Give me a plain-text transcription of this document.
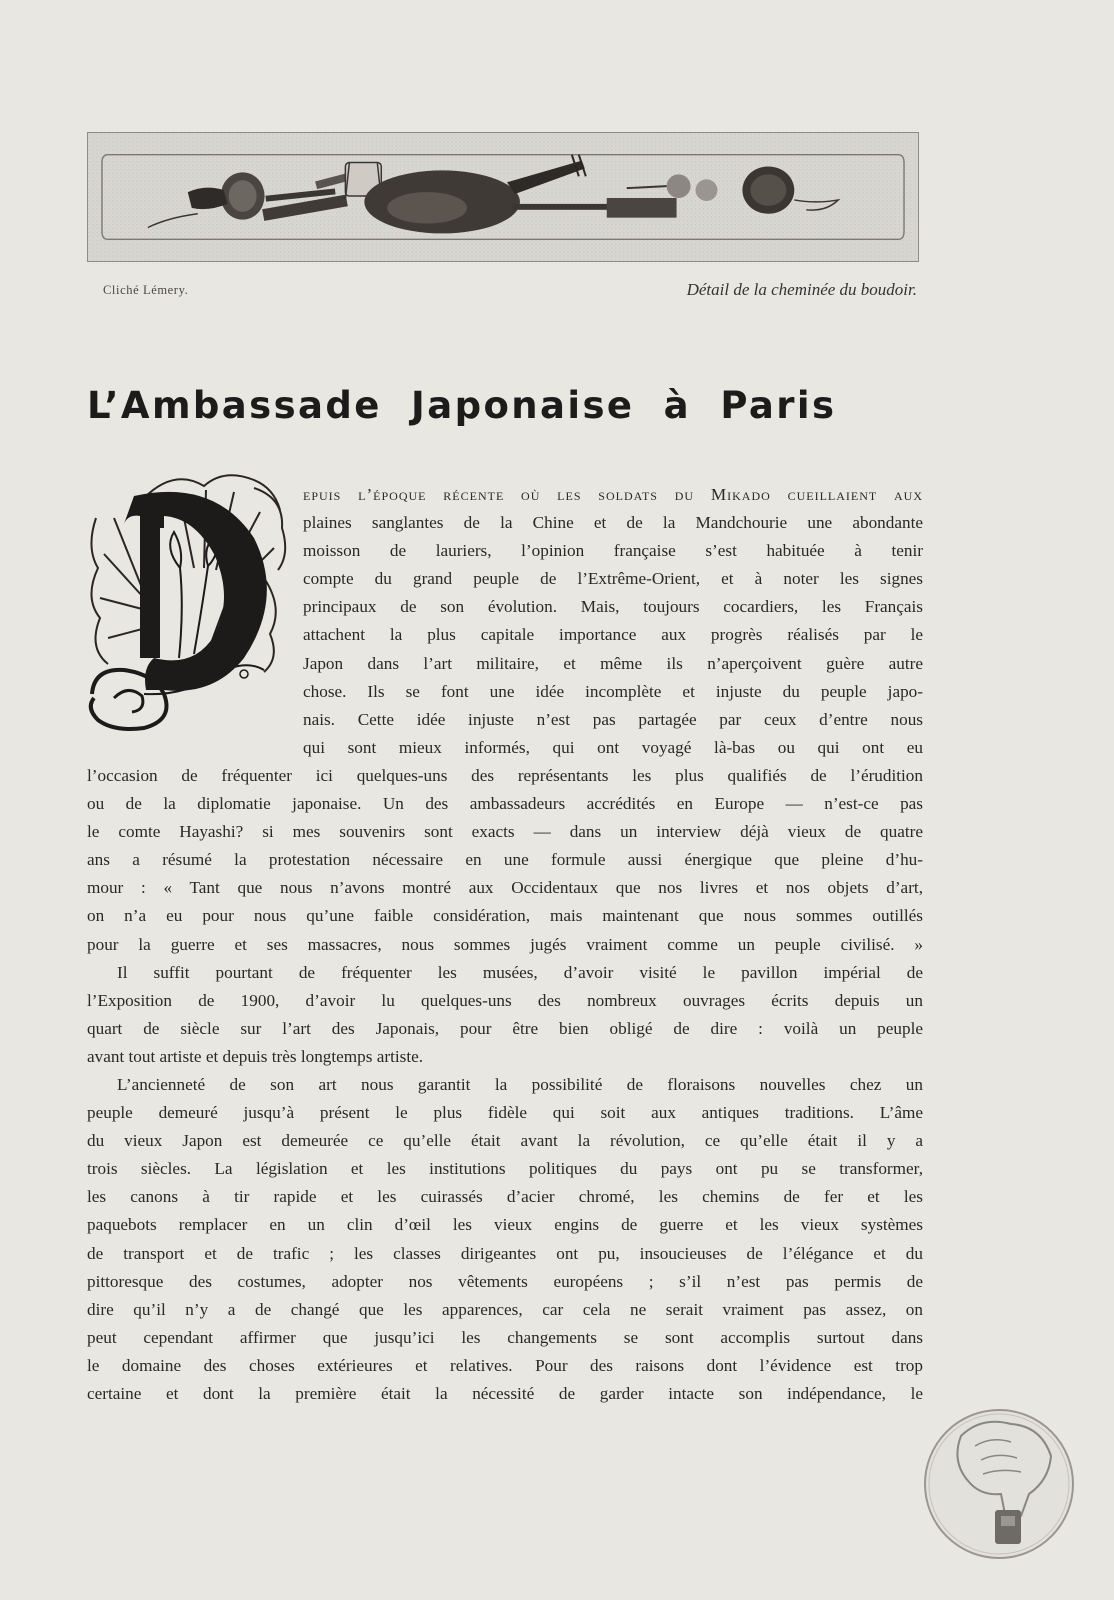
Cliché Lémery.	Détail de la cheminée du boudoir.
L’Ambassade Japonaise à Paris
epuis l’époque récente où les soldats du Mikado cueillaient aux
plaines sanglantes de la Chine et de la Mandchourie une abondante
moisson de lauriers, l’opinion française s’est habituée à tenir
compte du grand peuple de l’Extrême-Orient, et à noter les signes
principaux de son évolution. Mais, toujours cocardiers, les Français
attachent la plus capitale importance aux progrès réalisés par le
Japon dans l’art militaire, et même ils n’aperçoivent guère autre
chose. Ils se font une idée incomplète et injuste du peuple japo-
nais. Cette idée injuste n’est pas partagée par ceux d’entre nous
qui sont mieux informés, qui ont voyagé là-bas ou qui ont eu
l’occasion de fréquenter ici quelques-uns des représentants les plus qualifiés de l’érudition
ou de la diplomatie japonaise. Un des ambassadeurs accrédités en Europe — n’est-ce pas
le comte Hayashi? si mes souvenirs sont exacts — dans un interview déjà vieux de quatre
ans a résumé la protestation nécessaire en une formule aussi énergique que pleine d’hu-
mour : « Tant que nous n’avons montré aux Occidentaux que nos livres et nos objets d’art,
on n’a eu pour nous qu’une faible considération, mais maintenant que nous sommes outillés
pour la guerre et ses massacres, nous sommes jugés vraiment comme un peuple civilisé. »
Il suffit pourtant de fréquenter les musées, d’avoir visité le pavillon impérial de
l’Exposition de 1900, d’avoir lu quelques-uns des nombreux ouvrages écrits depuis un
quart de siècle sur l’art des Japonais, pour être bien obligé de dire : voilà un peuple
avant tout artiste et depuis très longtemps artiste.
L’ancienneté de son art nous garantit la possibilité de floraisons nouvelles chez un
peuple demeuré jusqu’à présent le plus fidèle qui soit aux antiques traditions. L’âme
du vieux Japon est demeurée ce qu’elle était avant la révolution, ce qu’elle était il y a
trois siècles. La législation et les institutions politiques du pays ont pu se transformer,
les canons à tir rapide et les cuirassés d’acier chromé, les chemins de fer et les
paquebots remplacer en un clin d’œil les vieux engins de guerre et les vieux systèmes
de transport et de trafic ; les classes dirigeantes ont pu, insoucieuses de l’élégance et du
pittoresque des costumes, adopter nos vêtements européens ; s’il n’est pas permis de
dire qu’il n’y a de changé que les apparences, car cela ne serait vraiment pas assez, on
peut cependant affirmer que jusqu’ici les changements se sont accomplis surtout dans
le domaine des choses extérieures et relatives. Pour des raisons dont l’évidence est trop
certaine et dont la première était la nécessité de garder intacte son indépendance, le
